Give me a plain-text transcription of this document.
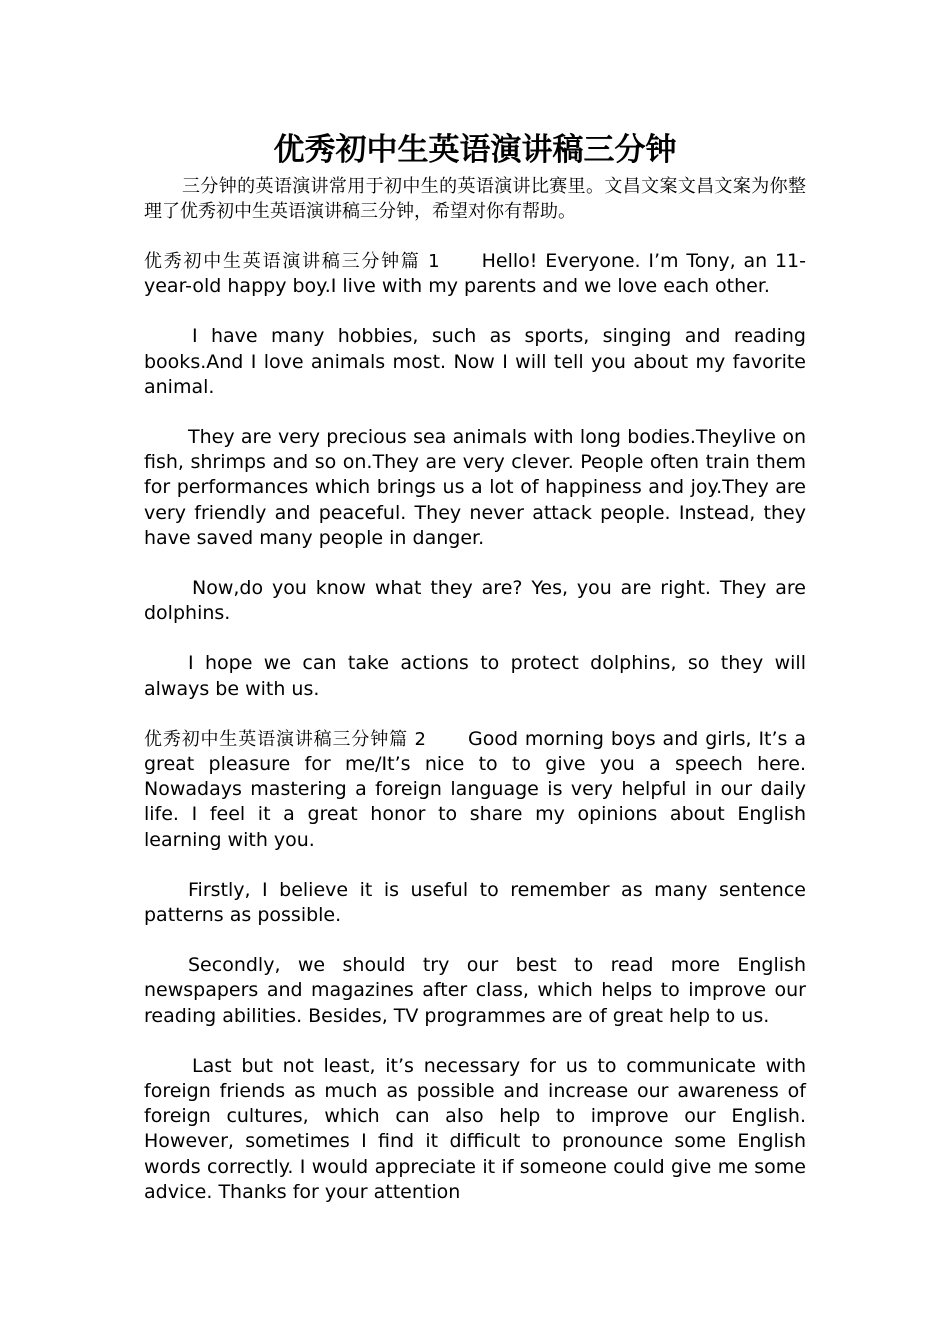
优秀初中生英语演讲稿三分钟

三分钟的英语演讲常用于初中生的英语演讲比赛里。文昌文案文昌文案为你整理了优秀初中生英语演讲稿三分钟，希望对你有帮助。

优秀初中生英语演讲稿三分钟篇 1 Hello! Everyone. I’m Tony, an 11-year-old happy boy.I live with my parents and we love each other.

I have many hobbies, such as sports, singing and reading books.And I love animals most. Now I will tell you about my favorite animal.

They are very precious sea animals with long bodies.Theylive on fish, shrimps and so on.They are very clever. People often train them for performances which brings us a lot of happiness and joy.They are very friendly and peaceful. They never attack people. Instead, they have saved many people in danger.

Now,do you know what they are? Yes, you are right. They are dolphins.

I hope we can take actions to protect dolphins, so they will always be with us.

优秀初中生英语演讲稿三分钟篇 2 Good morning boys and girls, It’s a great pleasure for me/It’s nice to to give you a speech here. Nowadays mastering a foreign language is very helpful in our daily life. I feel it a great honor to share my opinions about English learning with you.

Firstly, I believe it is useful to remember as many sentence patterns as possible.

Secondly, we should try our best to read more English newspapers and magazines after class, which helps to improve our reading abilities. Besides, TV programmes are of great help to us.

Last but not least, it’s necessary for us to communicate with foreign friends as much as possible and increase our awareness of foreign cultures, which can also help to improve our English. However, sometimes I find it difficult to pronounce some English words correctly. I would appreciate it if someone could give me some advice. Thanks for your attention
